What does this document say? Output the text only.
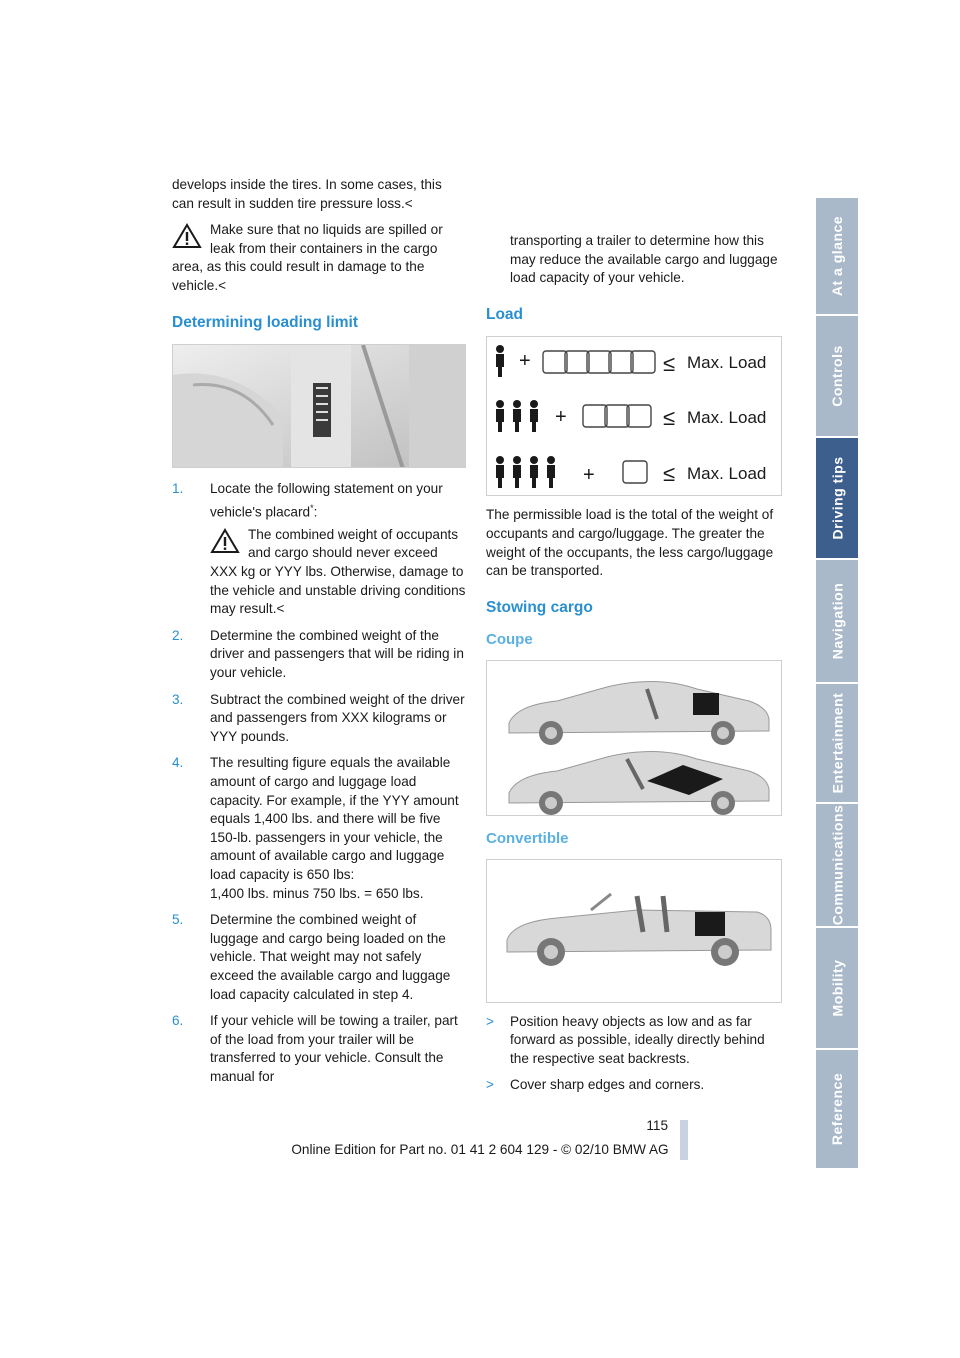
develops inside the tires. In some cases, this can result in sudden tire pressure loss.<

Make sure that no liquids are spilled or leak from their containers in the cargo area, as this could result in damage to the vehicle.<
Determining loading limit
1. Locate the following statement on your vehicle's placard*:
The combined weight of occupants and cargo should never exceed XXX kg or YYY lbs. Otherwise, damage to the vehicle and unstable driving conditions may result.<
2. Determine the combined weight of the driver and passengers that will be riding in your vehicle.
3. Subtract the combined weight of the driver and passengers from XXX kilograms or YYY pounds.
4. The resulting figure equals the available amount of cargo and luggage load capacity. For example, if the YYY amount equals 1,400 lbs. and there will be five 150-lb. passengers in your vehicle, the amount of available cargo and luggage load capacity is 650 lbs:
1,400 lbs. minus 750 lbs. = 650 lbs.
5. Determine the combined weight of luggage and cargo being loaded on the vehicle. That weight may not safely exceed the available cargo and luggage load capacity calculated in step 4.
6. If your vehicle will be towing a trailer, part of the load from your trailer will be transferred to your vehicle. Consult the manual for

transporting a trailer to determine how this may reduce the available cargo and luggage load capacity of your vehicle.

Load
+	≤ Max. Load
+	≤ Max. Load
+	≤ Max. Load

The permissible load is the total of the weight of occupants and cargo/luggage. The greater the weight of the occupants, the less cargo/luggage can be transported.

Stowing cargo
Coupe
Convertible
> Position heavy objects as low and as far forward as possible, ideally directly behind the respective seat backrests.
> Cover sharp edges and corners.
At a glance
Controls
Driving tips
Navigation
Entertainment
Communications
Mobility
Reference
115
Online Edition for Part no. 01 41 2 604 129 - © 02/10 BMW AG
